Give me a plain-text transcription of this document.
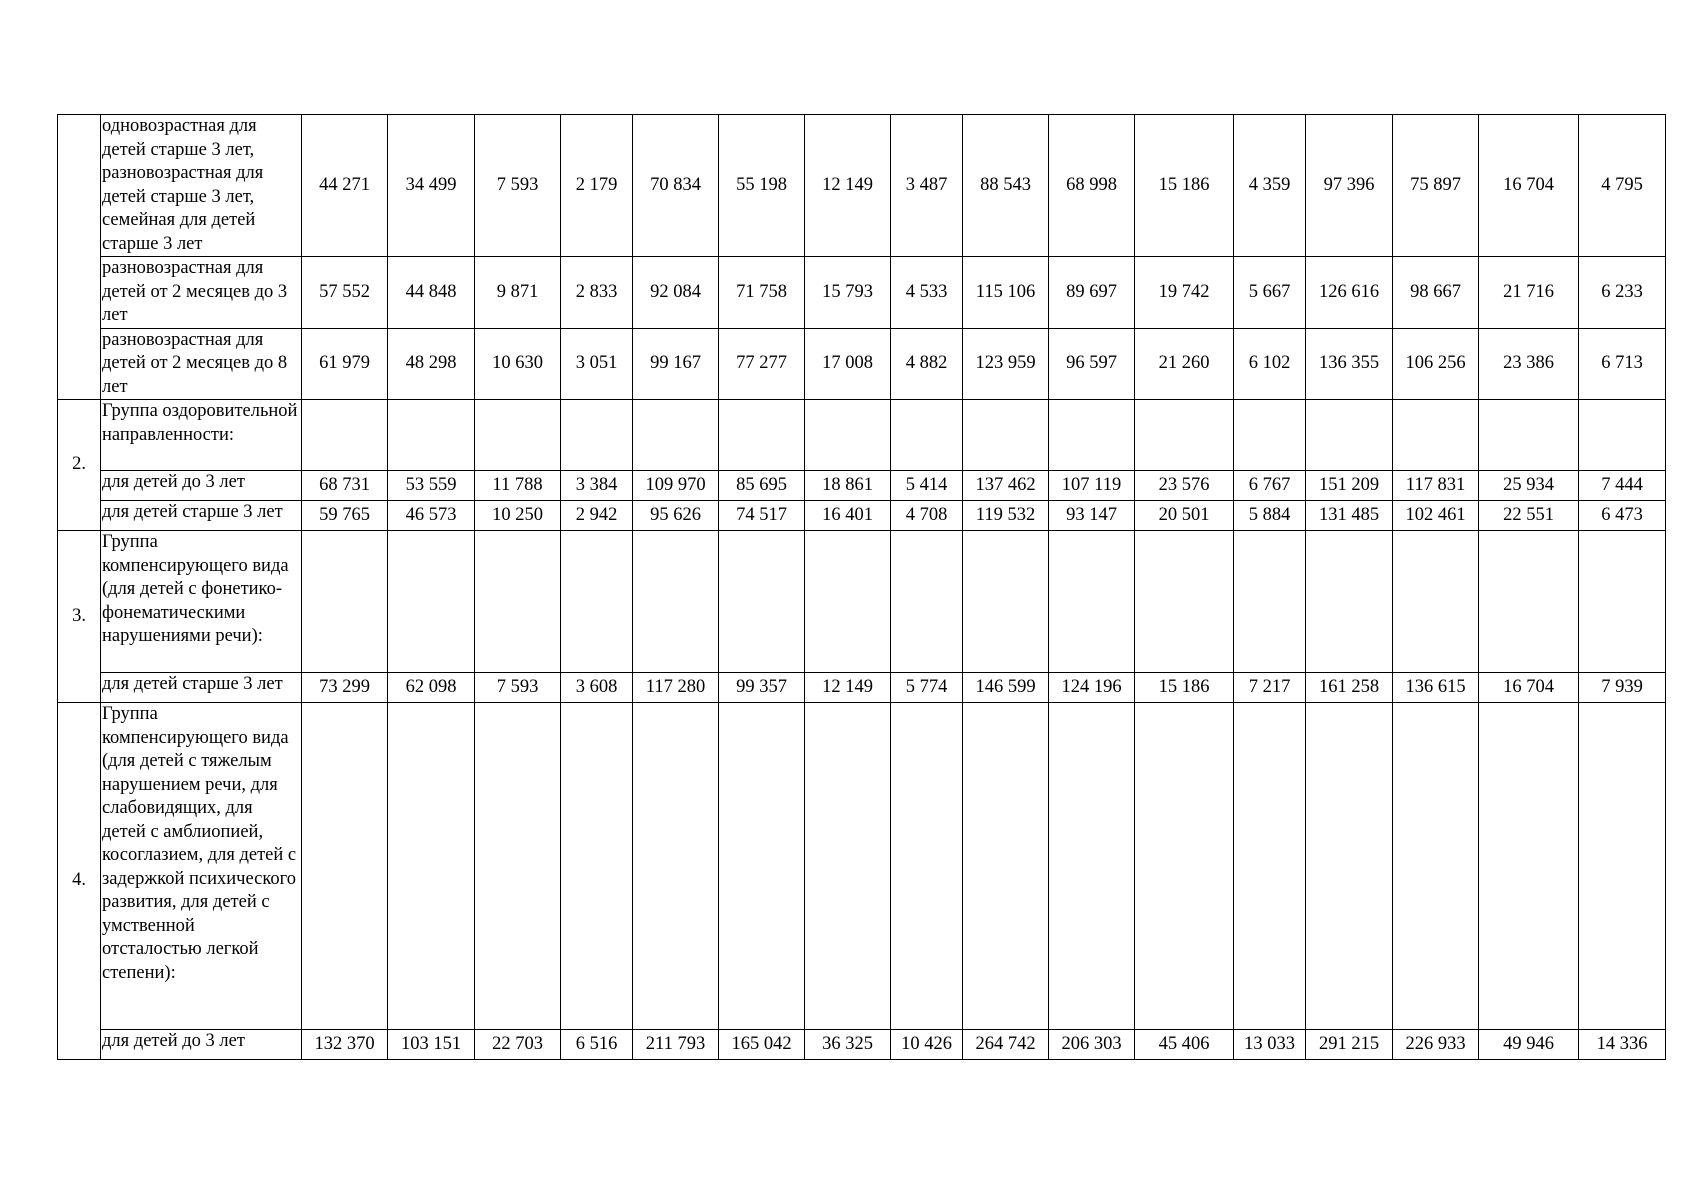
	одновозрастная для детей старше 3 лет, разновозрастная для детей старше 3 лет, семейная для детей старше 3 лет	44 271	34 499	7 593	2 179	70 834	55 198	12 149	3 487	88 543	68 998	15 186	4 359	97 396	75 897	16 704	4 795
	разновозрастная для детей от 2 месяцев до 3 лет	57 552	44 848	9 871	2 833	92 084	71 758	15 793	4 533	115 106	89 697	19 742	5 667	126 616	98 667	21 716	6 233
	разновозрастная для детей от 2 месяцев до 8 лет	61 979	48 298	10 630	3 051	99 167	77 277	17 008	4 882	123 959	96 597	21 260	6 102	136 355	106 256	23 386	6 713
2.	Группа оздоровительной направленности:																
	для детей до 3 лет	68 731	53 559	11 788	3 384	109 970	85 695	18 861	5 414	137 462	107 119	23 576	6 767	151 209	117 831	25 934	7 444
	для детей старше 3 лет	59 765	46 573	10 250	2 942	95 626	74 517	16 401	4 708	119 532	93 147	20 501	5 884	131 485	102 461	22 551	6 473
3.	Группа компенсирующего вида (для детей с фонетико-фонематическими нарушениями речи):																
	для детей старше 3 лет	73 299	62 098	7 593	3 608	117 280	99 357	12 149	5 774	146 599	124 196	15 186	7 217	161 258	136 615	16 704	7 939
4.	Группа компенсирующего вида (для детей с тяжелым нарушением речи, для слабовидящих, для детей с амблиопией, косоглазием, для детей с задержкой психического развития, для детей с умственной отсталостью легкой степени):																
	для детей до 3 лет	132 370	103 151	22 703	6 516	211 793	165 042	36 325	10 426	264 742	206 303	45 406	13 033	291 215	226 933	49 946	14 336
